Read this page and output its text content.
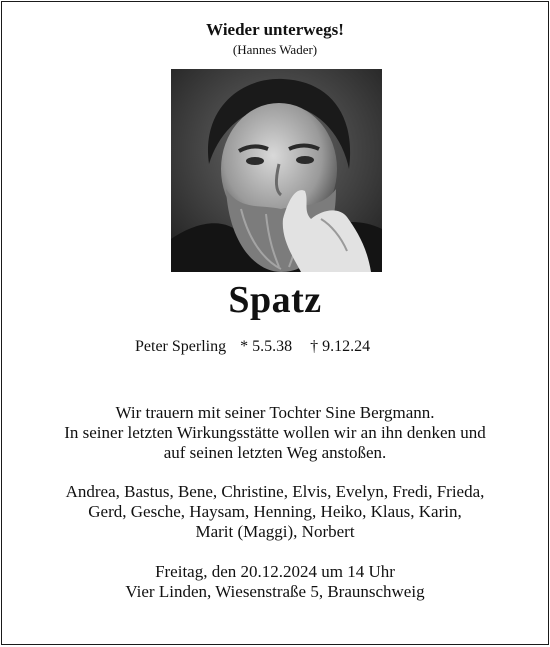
Wieder unterwegs!
(Hannes Wader)
Spatz
Peter Sperling * 5.5.38 † 9.12.24
Wir trauern mit seiner Tochter Sine Bergmann.
In seiner letzten Wirkungsstätte wollen wir an ihn denken und
auf seinen letzten Weg anstoßen.
Andrea, Bastus, Bene, Christine, Elvis, Evelyn, Fredi, Frieda,
Gerd, Gesche, Haysam, Henning, Heiko, Klaus, Karin,
Marit (Maggi), Norbert
Freitag, den 20.12.2024 um 14 Uhr
Vier Linden, Wiesenstraße 5, Braunschweig
